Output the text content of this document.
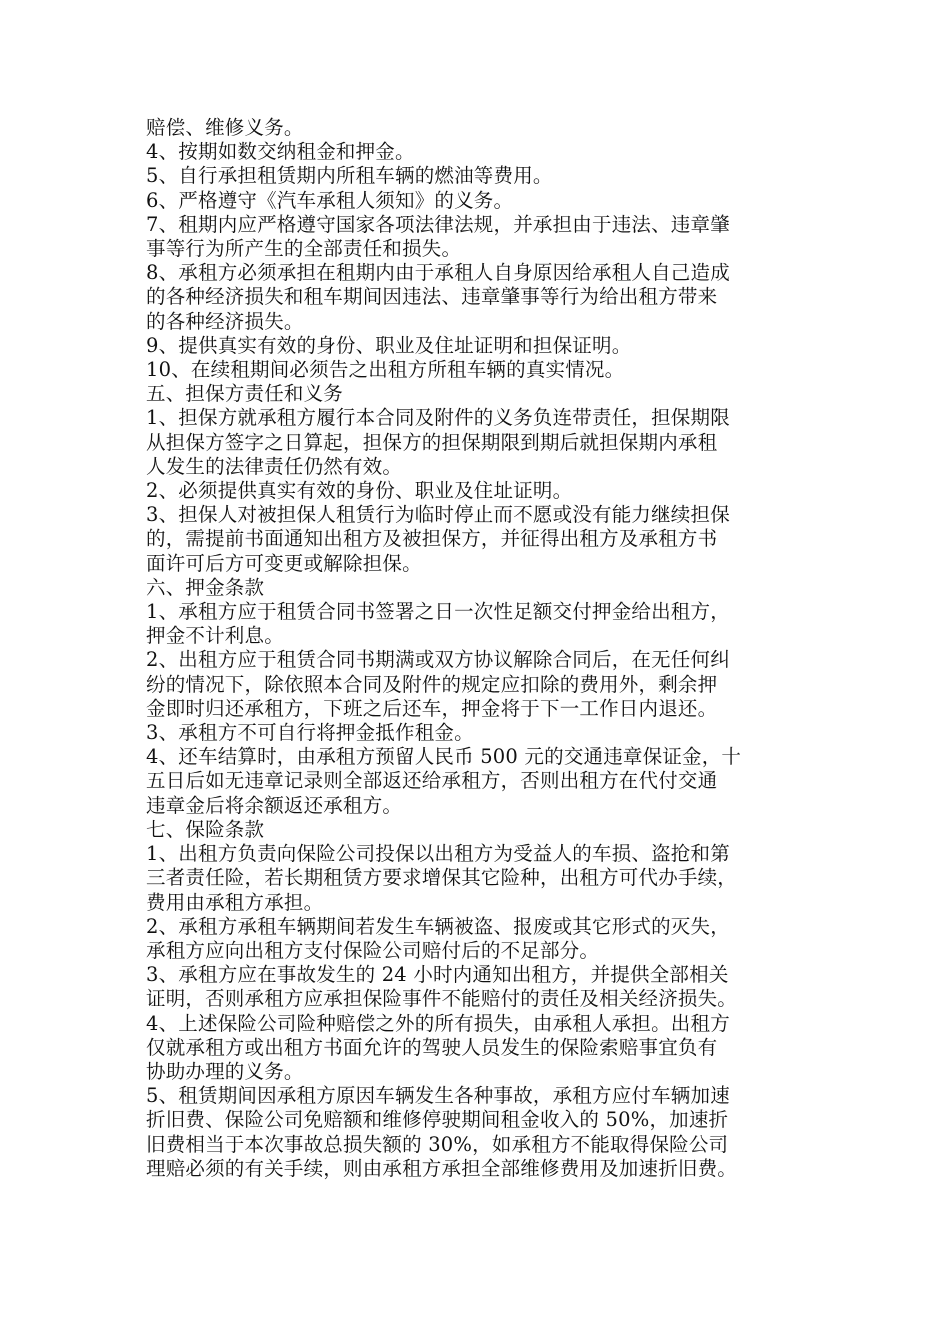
赔偿、维修义务。
4、按期如数交纳租金和押金。
5、自行承担租赁期内所租车辆的燃油等费用。
6、严格遵守《汽车承租人须知》的义务。
7、租期内应严格遵守国家各项法律法规，并承担由于违法、违章肇
事等行为所产生的全部责任和损失。
8、承租方必须承担在租期内由于承租人自身原因给承租人自己造成
的各种经济损失和租车期间因违法、违章肇事等行为给出租方带来
的各种经济损失。
9、提供真实有效的身份、职业及住址证明和担保证明。
10、在续租期间必须告之出租方所租车辆的真实情况。
五、担保方责任和义务
1、担保方就承租方履行本合同及附件的义务负连带责任，担保期限
从担保方签字之日算起，担保方的担保期限到期后就担保期内承租
人发生的法律责任仍然有效。
2、必须提供真实有效的身份、职业及住址证明。
3、担保人对被担保人租赁行为临时停止而不愿或没有能力继续担保
的，需提前书面通知出租方及被担保方，并征得出租方及承租方书
面许可后方可变更或解除担保。
六、押金条款
1、承租方应于租赁合同书签署之日一次性足额交付押金给出租方，
押金不计利息。
2、出租方应于租赁合同书期满或双方协议解除合同后，在无任何纠
纷的情况下，除依照本合同及附件的规定应扣除的费用外，剩余押
金即时归还承租方，下班之后还车，押金将于下一工作日内退还。
3、承租方不可自行将押金抵作租金。
4、还车结算时，由承租方预留人民币 500 元的交通违章保证金，十
五日后如无违章记录则全部返还给承租方，否则出租方在代付交通
违章金后将余额返还承租方。
七、保险条款
1、出租方负责向保险公司投保以出租方为受益人的车损、盗抢和第
三者责任险，若长期租赁方要求增保其它险种，出租方可代办手续，
费用由承租方承担。
2、承租方承租车辆期间若发生车辆被盗、报废或其它形式的灭失，
承租方应向出租方支付保险公司赔付后的不足部分。
3、承租方应在事故发生的 24 小时内通知出租方，并提供全部相关
证明，否则承租方应承担保险事件不能赔付的责任及相关经济损失。
4、上述保险公司险种赔偿之外的所有损失，由承租人承担。出租方
仅就承租方或出租方书面允许的驾驶人员发生的保险索赔事宜负有
协助办理的义务。
5、租赁期间因承租方原因车辆发生各种事故，承租方应付车辆加速
折旧费、保险公司免赔额和维修停驶期间租金收入的 50%，加速折
旧费相当于本次事故总损失额的 30%，如承租方不能取得保险公司
理赔必须的有关手续，则由承租方承担全部维修费用及加速折旧费。
